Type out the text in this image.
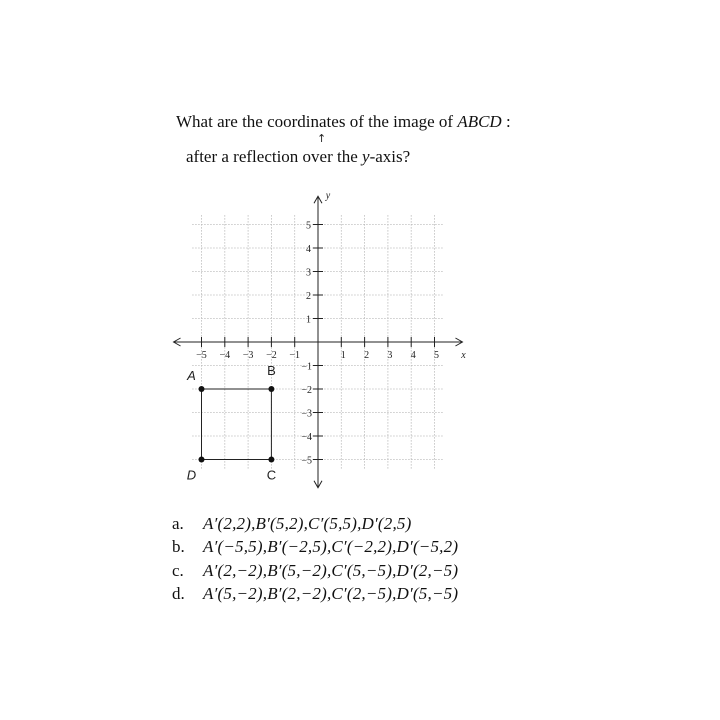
What are the coordinates of the image of ABCD :
↑
after a reflection over the y-axis?
−5 −4 −3 −2 −1	1 2 3 4 5
5
4
3
2
1
−1
−2
−3
−4
−5
x
y
A	B
C
D
a.	A′(2,2),B′(5,2),C′(5,5),D′(2,5)
b.	A′(−5,5),B′(−2,5),C′(−2,2),D′(−5,2)
c.	A′(2,−2),B′(5,−2),C′(5,−5),D′(2,−5)
d.	A′(5,−2),B′(2,−2),C′(2,−5),D′(5,−5)
